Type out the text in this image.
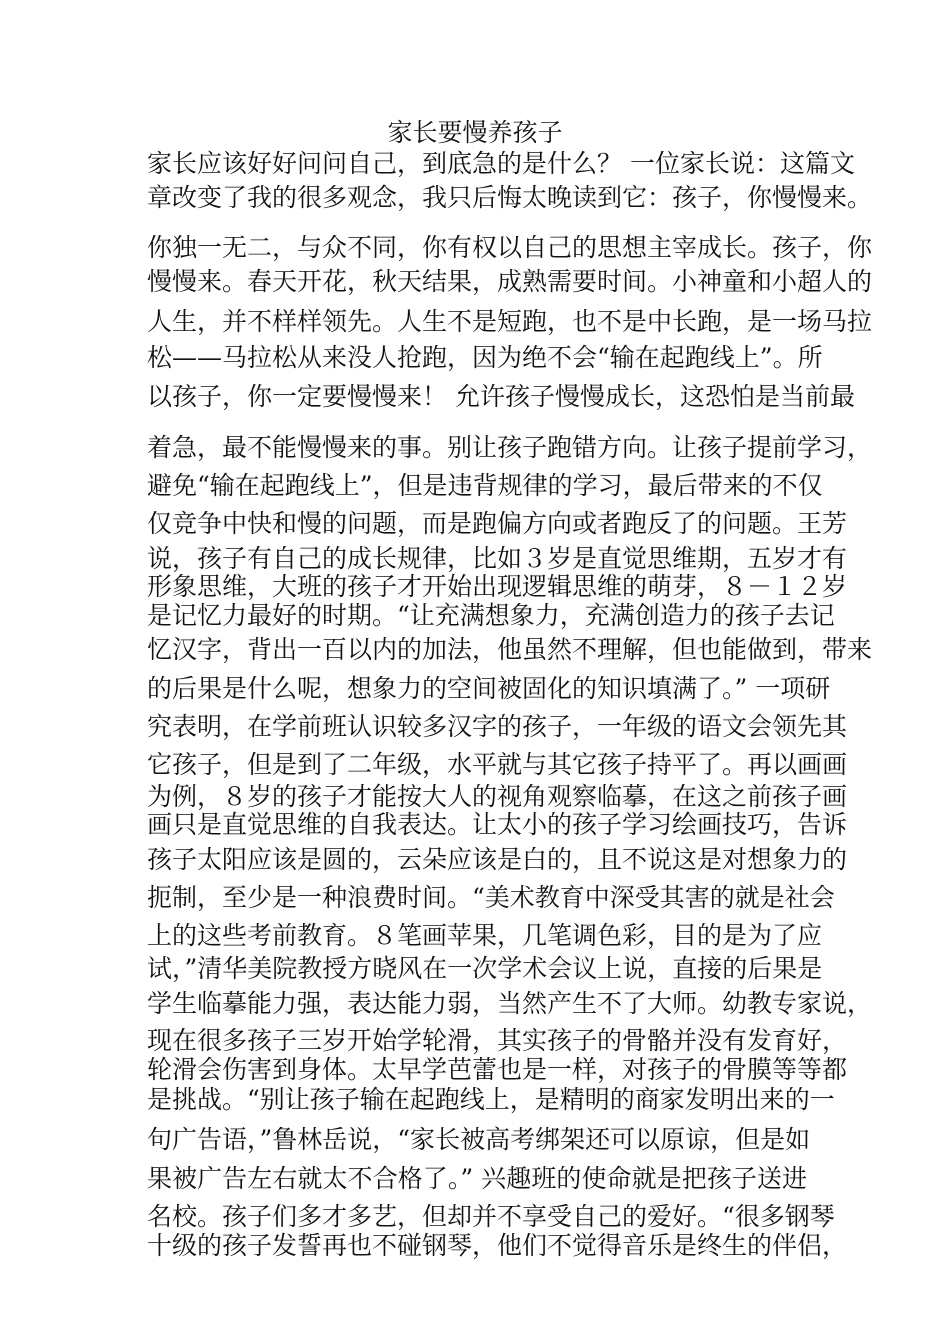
家长要慢养孩子
家长应该好好问问自己，到底急的是什么？ 一位家长说：这篇文
章改变了我的很多观念，我只后悔太晚读到它：孩子，你慢慢来。
你独一无二，与众不同，你有权以自己的思想主宰成长。孩子，你
慢慢来。春天开花，秋天结果，成熟需要时间。小神童和小超人的
人生，并不样样领先。人生不是短跑，也不是中长跑，是一场马拉
松——马拉松从来没人抢跑，因为绝不会“输在起跑线上”。所
以孩子，你一定要慢慢来！ 允许孩子慢慢成长，这恐怕是当前最
着急，最不能慢慢来的事。别让孩子跑错方向。让孩子提前学习，
避免“输在起跑线上”，但是违背规律的学习，最后带来的不仅
仅竞争中快和慢的问题，而是跑偏方向或者跑反了的问题。王芳
说，孩子有自己的成长规律，比如３岁是直觉思维期，五岁才有
形象思维，大班的孩子才开始出现逻辑思维的萌芽，８－１２岁
是记忆力最好的时期。“让充满想象力，充满创造力的孩子去记
忆汉字，背出一百以内的加法，他虽然不理解，但也能做到，带来
的后果是什么呢，想象力的空间被固化的知识填满了。” 一项研
究表明，在学前班认识较多汉字的孩子，一年级的语文会领先其
它孩子，但是到了二年级，水平就与其它孩子持平了。再以画画
为例，８岁的孩子才能按大人的视角观察临摹，在这之前孩子画
画只是直觉思维的自我表达。让太小的孩子学习绘画技巧，告诉
孩子太阳应该是圆的，云朵应该是白的，且不说这是对想象力的
扼制，至少是一种浪费时间。“美术教育中深受其害的就是社会
上的这些考前教育。８笔画苹果，几笔调色彩，目的是为了应
试，”清华美院教授方晓风在一次学术会议上说，直接的后果是
学生临摹能力强，表达能力弱，当然产生不了大师。幼教专家说，
现在很多孩子三岁开始学轮滑，其实孩子的骨骼并没有发育好，
轮滑会伤害到身体。太早学芭蕾也是一样，对孩子的骨膜等等都
是挑战。“别让孩子输在起跑线上，是精明的商家发明出来的一
句广告语，”鲁林岳说，“家长被高考绑架还可以原谅，但是如
果被广告左右就太不合格了。” 兴趣班的使命就是把孩子送进
名校。孩子们多才多艺，但却并不享受自己的爱好。“很多钢琴
十级的孩子发誓再也不碰钢琴，他们不觉得音乐是终生的伴侣，
